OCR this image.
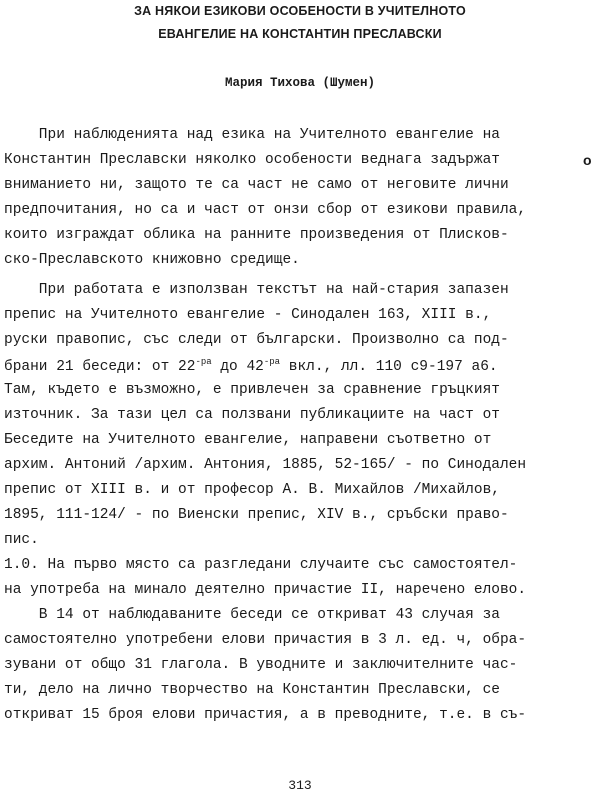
ЗА НЯКОИ ЕЗИКОВИ ОСОБЕНОСТИ В УЧИТЕЛНОТО
ЕВАНГЕЛИЕ НА КОНСТАНТИН ПРЕСЛАВСКИ
Мария Тихова (Шумен)
о
При наблюденията над езика на Учителното евангелие на
Константин Преславски няколко особености веднага задържат
вниманието ни, защото те са част не само от неговите лични
предпочитания, но са и част от онзи сбор от езикови правила,
които изграждат облика на ранните произведения от Плисков-
ско-Преславското книжовно средище.
При работата е използван текстът на най-стария запазен
препис на Учителното евангелие - Синодален 163, XIII в.,
руски правопис, със следи от български. Произволно са под-
брани 21 беседи: от $22^{-ра}$ до $42^{-ра}$ вкл., лл. 110 c9-197 a6.
Там, където е възможно, е привлечен за сравнение гръцкият
източник. За тази цел са ползвани публикациите на част от
Беседите на Учителното евангелие, направени съответно от
архим. Антоний /архим. Антония, 1885, 52-165/ - по Синодален
препис от XIII в. и от професор А. В. Михайлов /Михайлов,
1895, 111-124/ - по Виенски препис, XIV в., сръбски право-
пис.
1.0. На първо място са разгледани случаите със самостоятел-
на употреба на минало деятелно причастие II, наречено елово.
В 14 от наблюдаваните беседи се откриват 43 случая за
самостоятелно употребени елови причастия в 3 л. ед. ч, обра-
зувани от общо 31 глагола. В уводните и заключителните час-
ти, дело на лично творчество на Константин Преславски, се
откриват 15 броя елови причастия, а в преводните, т.е. в съ-
313
